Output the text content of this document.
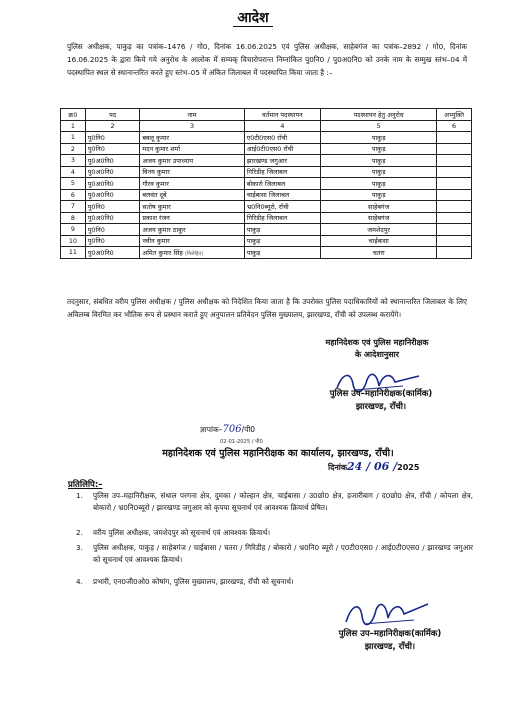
आदेश
पुलिस अधीक्षक, पाकुड़ का पत्रांक–1476 / गो0, दिनांक 16.06.2025 एवं पुलिस अधीक्षक, साहेबगंज का पत्रांक–2892 / गो0, दिनांक 16.06.2025 के द्वारा किये गये अनुरोध के आलोक में सम्यक् विचारोपरान्त निम्नांकित पु0नि0 / पु0अ0नि0 को उनके नाम के सम्मुख स्तंभ–04 में पदस्थापित स्थल से स्थानान्तरित करते हुए स्तंभ–05 में अंकित जिलाबल में पदस्थापित किया जाता है :–
क्र0	पद	नाम	वर्तमान पदस्थापन	पदस्थापन हेतु अनुरोध	अभ्युक्ति
1	2	3	4	5	6
1	पु0नि0	बबलू कुमार	ए0टी0एस0 राँची	पाकुड़	
2	पु0नि0	मदन कुमार शर्मा	आई0टी0एस0 राँची	पाकुड़	
3	पु0अ0नि0	अजय कुमार उपाध्याय	झारखण्ड जगुआर	पाकुड़	
4	पु0अ0नि0	विनय कुमार	गिरिडीह जिलाबल	पाकुड़	
5	पु0अ0नि0	गौरव कुमार	बोकारो जिलाबल	पाकुड़	
6	पु0अ0नि0	बलवंत दूबे	चाईबासा जिलाबल	पाकुड़	
7	पु0नि0	सतोष कुमार	भ्र0नि0ब्यूरो, राँची	साहेबगंज	
8	पु0अ0नि0	प्रकाश रंजन	गिरिडीह जिलाबल	साहेबगंज	
9	पु0नि0	अजय कुमार ठाकुर	पाकुड़	जमशेदपुर	
10	पु0नि0	नवीन कुमार	पाकुड़	चाईबासा	
11	पु0अ0नि0	अमित कुमार सिंह (मिलेहित)	पाकुड़	चतरा	
तदनुसार, संबधित वरीय पुलिस अधीक्षक / पुलिस अधीक्षक को निदेशित किया जाता है कि उपरोक्त पुलिस पदाधिकारियों को स्थानान्तरित जिलाबल के लिए अविलम्ब विरमित कर भौतिक रूप से प्रस्थान कराते हुए अनुपालन प्रतिवेदन पुलिस मुख्यालय, झारखण्ड, राँची को उपलब्ध करायेंगे।
महानिदेशक एवं पुलिस महानिरीक्षक
के आदेशानुसार
पुलिस उप–महानिरीक्षक(कार्मिक)
झारखण्ड, राँची।
ज्ञापांक–706/पी0
02-01-2025 / पी0
महानिदेशक एवं पुलिस महानिरीक्षक का कार्यालय, झारखण्ड, राँची।
दिनांक24 / 06 /2025
प्रतिलिपि:–
1. पुलिस उप–महानिरीक्षक, संथाल परगना क्षेत्र, दुमका / कोल्हान क्षेत्र, चाईबासा / उ0छो0 क्षेत्र, हजारीबाग / द0छो0 क्षेत्र, राँची / कोयला क्षेत्र, बोकारो / भ्र0नि0ब्यूरो / झारखण्ड जगुआर को कृपया सूचनार्थ एवं आवश्यक क्रियार्थ प्रेषित।
2. वरीय पुलिस अधीक्षक, जमशेदपुर को सूचनार्थ एवं आवश्यक क्रियार्थ।
3. पुलिस अधीक्षक, पाकुड़ / साहेबगंज / चाईबासा / चतरा / गिरिडीह / बोकारो / भ्र0नि0 ब्यूरो / ए0टी0एस0 / आई0टी0एस0 / झारखण्ड जगुआर को सूचनार्थ एवं आवश्यक क्रियार्थ।
4. प्रभारी, एन0जी0ओ0 कोषांग, पुलिस मुख्यालय, झारखण्ड, राँची को सूचनार्थ।
पुलिस उप–महानिरीक्षक(कार्मिक)
झारखण्ड, राँची।
